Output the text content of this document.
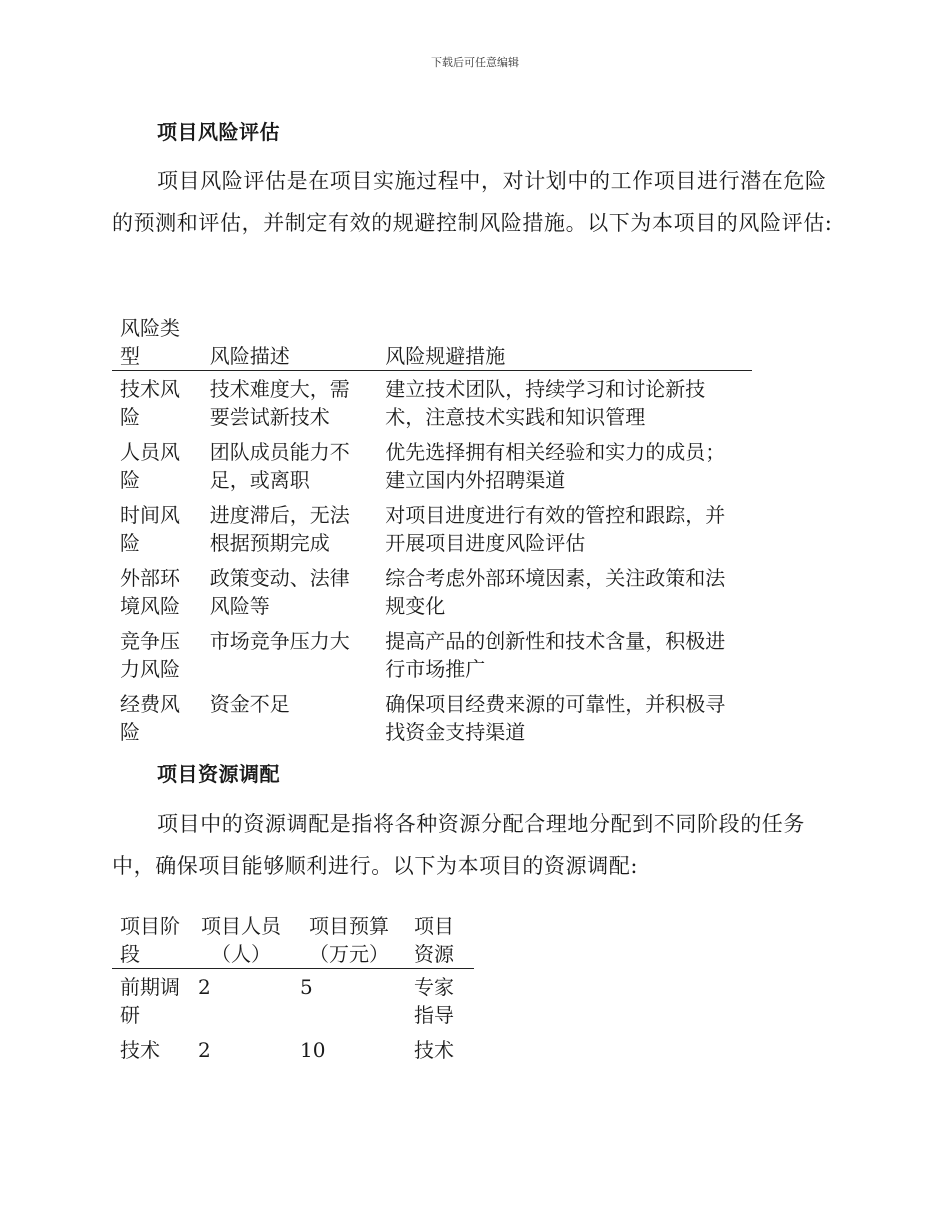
下载后可任意编辑
项目风险评估
项目风险评估是在项目实施过程中，对计划中的工作项目进行潜在危险的预测和评估，并制定有效的规避控制风险措施。以下为本项目的风险评估:
风险类型	风险描述	风险规避措施
技术风险	技术难度大，需要尝试新技术	建立技术团队，持续学习和讨论新技术，注意技术实践和知识管理
人员风险	团队成员能力不足，或离职	优先选择拥有相关经验和实力的成员；建立国内外招聘渠道
时间风险	进度滞后，无法根据预期完成	对项目进度进行有效的管控和跟踪，并开展项目进度风险评估
外部环境风险	政策变动、法律风险等	综合考虑外部环境因素，关注政策和法规变化
竞争压力风险	市场竞争压力大	提高产品的创新性和技术含量，积极进行市场推广
经费风险	资金不足	确保项目经费来源的可靠性，并积极寻找资金支持渠道
项目资源调配
项目中的资源调配是指将各种资源分配合理地分配到不同阶段的任务中，确保项目能够顺利进行。以下为本项目的资源调配:
项目阶段	项目人员（人）	项目预算（万元）	项目资源
前期调研	2	5	专家指导
技术	2	10	技术
